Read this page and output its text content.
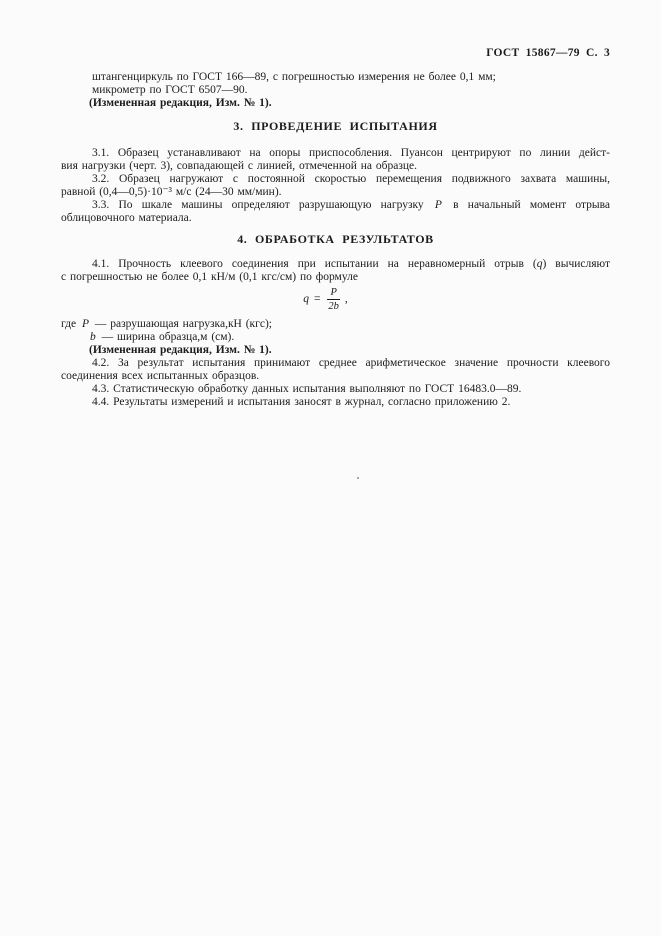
ГОСТ 15867—79 С. 3
штангенциркуль по ГОСТ 166—89, с погрешностью измерения не более 0,1 мм;
микрометр по ГОСТ 6507—90.
(Измененная редакция, Изм. № 1).
3. ПРОВЕДЕНИЕ ИСПЫТАНИЯ
3.1. Образец устанавливают на опоры приспособления. Пуансон центрируют по линии дейст-
вия нагрузки (черт. 3), совпадающей с линией, отмеченной на образце.
3.2. Образец нагружают с постоянной скоростью перемещения подвижного захвата машины,
равной (0,4—0,5)·10⁻³ м/с (24—30 мм/мин).
3.3. По шкале машины определяют разрушающую нагрузку P в начальный момент отрыва
облицовочного материала.
4. ОБРАБОТКА РЕЗУЛЬТАТОВ
4.1. Прочность клеевого соединения при испытании на неравномерный отрыв (q) вычисляют
с погрешностью не более 0,1 кН/м (0,1 кгс/см) по формуле
$q = \frac{P}{2b}$ ,
где P — разрушающая нагрузка,кН (кгс);
b — ширина образца,м (см).
(Измененная редакция, Изм. № 1).
4.2. За результат испытания принимают среднее арифметическое значение прочности клеевого
соединения всех испытанных образцов.
4.3. Статистическую обработку данных испытания выполняют по ГОСТ 16483.0—89.
4.4. Результаты измерений и испытания заносят в журнал, согласно приложению 2.
